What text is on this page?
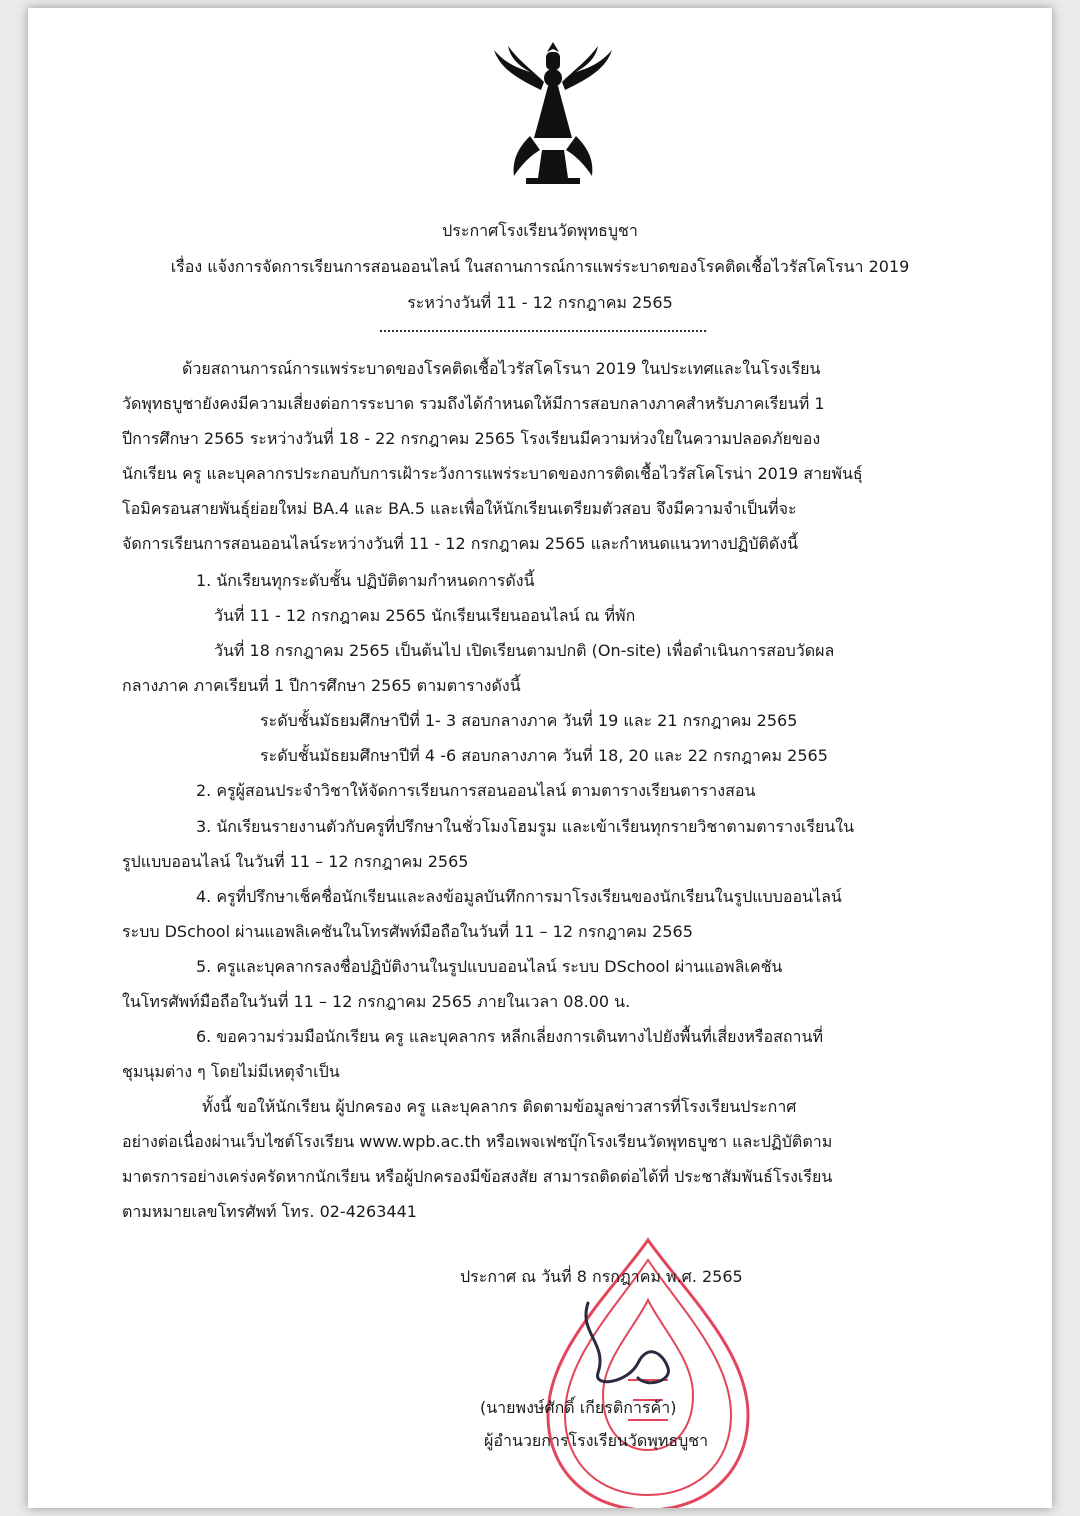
ประกาศโรงเรียนวัดพุทธบูชา

เรื่อง แจ้งการจัดการเรียนการสอนออนไลน์ ในสถานการณ์การแพร่ระบาดของโรคติดเชื้อไวรัสโคโรนา 2019

ระหว่างวันที่ 11 - 12 กรกฎาคม 2565

ด้วยสถานการณ์การแพร่ระบาดของโรคติดเชื้อไวรัสโคโรนา 2019 ในประเทศและในโรงเรียน

วัดพุทธบูชายังคงมีความเสี่ยงต่อการระบาด รวมถึงได้กำหนดให้มีการสอบกลางภาคสำหรับภาคเรียนที่ 1

ปีการศึกษา 2565 ระหว่างวันที่ 18 - 22 กรกฎาคม 2565 โรงเรียนมีความห่วงใยในความปลอดภัยของ

นักเรียน ครู และบุคลากรประกอบกับการเฝ้าระวังการแพร่ระบาดของการติดเชื้อไวรัสโคโรน่า 2019 สายพันธุ์

โอมิครอนสายพันธุ์ย่อยใหม่ BA.4 และ BA.5 และเพื่อให้นักเรียนเตรียมตัวสอบ จึงมีความจำเป็นที่จะ

จัดการเรียนการสอนออนไลน์ระหว่างวันที่ 11 - 12 กรกฎาคม 2565 และกำหนดแนวทางปฏิบัติดังนี้

1. นักเรียนทุกระดับชั้น ปฏิบัติตามกำหนดการดังนี้

วันที่ 11 - 12 กรกฎาคม 2565 นักเรียนเรียนออนไลน์ ณ ที่พัก

วันที่ 18 กรกฎาคม 2565 เป็นต้นไป เปิดเรียนตามปกติ (On-site) เพื่อดำเนินการสอบวัดผล

กลางภาค ภาคเรียนที่ 1 ปีการศึกษา 2565 ตามตารางดังนี้

ระดับชั้นมัธยมศึกษาปีที่ 1- 3 สอบกลางภาค วันที่ 19 และ 21 กรกฎาคม 2565

ระดับชั้นมัธยมศึกษาปีที่ 4 -6 สอบกลางภาค วันที่ 18, 20 และ 22 กรกฎาคม 2565

2. ครูผู้สอนประจำวิชาให้จัดการเรียนการสอนออนไลน์ ตามตารางเรียนตารางสอน

3. นักเรียนรายงานตัวกับครูที่ปรึกษาในชั่วโมงโฮมรูม และเข้าเรียนทุกรายวิชาตามตารางเรียนใน

รูปแบบออนไลน์ ในวันที่ 11 – 12 กรกฎาคม 2565

4. ครูที่ปรึกษาเช็คชื่อนักเรียนและลงข้อมูลบันทึกการมาโรงเรียนของนักเรียนในรูปแบบออนไลน์

ระบบ DSchool ผ่านแอพลิเคชันในโทรศัพท์มือถือในวันที่ 11 – 12 กรกฎาคม 2565

5. ครูและบุคลากรลงชื่อปฏิบัติงานในรูปแบบออนไลน์ ระบบ DSchool ผ่านแอพลิเคชัน

ในโทรศัพท์มือถือในวันที่ 11 – 12 กรกฎาคม 2565 ภายในเวลา 08.00 น.

6. ขอความร่วมมือนักเรียน ครู และบุคลากร หลีกเลี่ยงการเดินทางไปยังพื้นที่เสี่ยงหรือสถานที่

ชุมนุมต่าง ๆ โดยไม่มีเหตุจำเป็น

ทั้งนี้ ขอให้นักเรียน ผู้ปกครอง ครู และบุคลากร ติดตามข้อมูลข่าวสารที่โรงเรียนประกาศ

อย่างต่อเนื่องผ่านเว็บไซต์โรงเรียน www.wpb.ac.th หรือเพจเฟซบุ๊กโรงเรียนวัดพุทธบูชา และปฏิบัติตาม

มาตรการอย่างเคร่งครัดหากนักเรียน หรือผู้ปกครองมีข้อสงสัย สามารถติดต่อได้ที่ ประชาสัมพันธ์โรงเรียน

ตามหมายเลขโทรศัพท์ โทร. 02-4263441

ประกาศ ณ วันที่ 8 กรกฎาคม พ.ศ. 2565

(นายพงษ์ศักดิ์ เกียรติการค้า)

ผู้อำนวยการโรงเรียนวัดพุทธบูชา
